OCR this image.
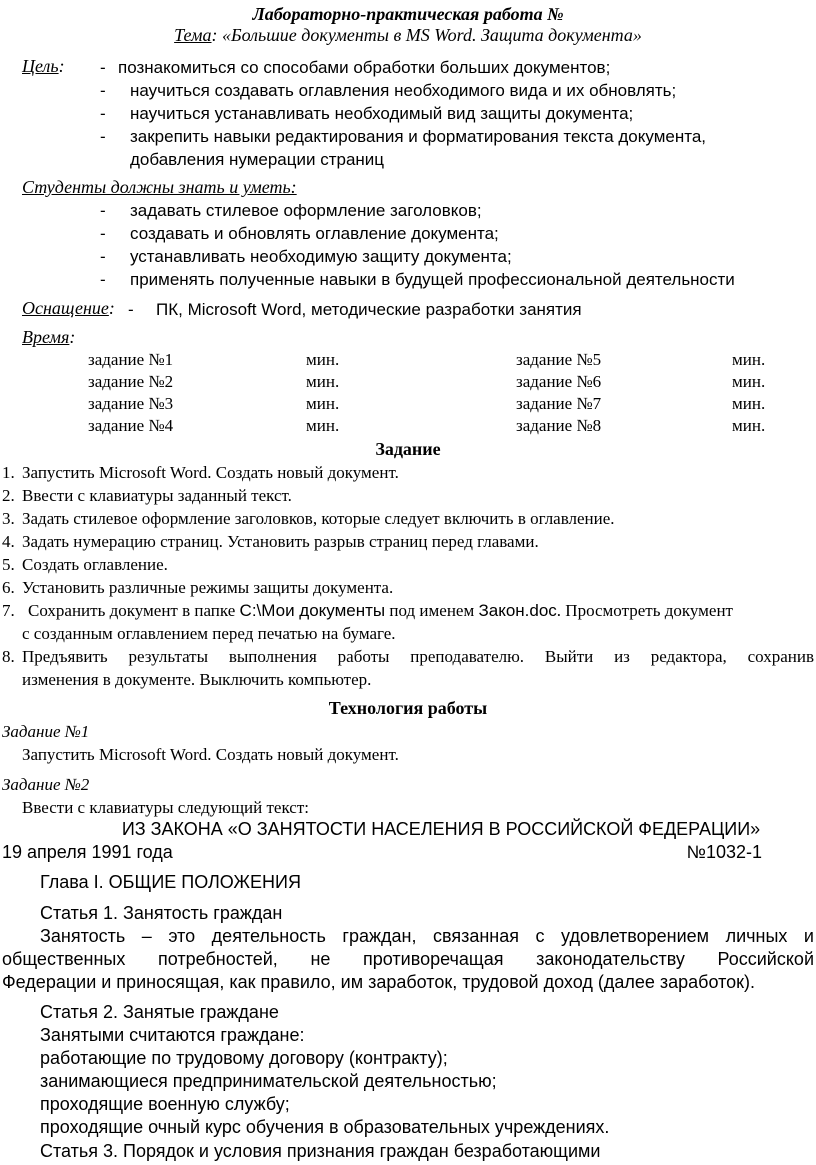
Лабораторно-практическая работа №
Тема: «Большие документы в MS Word. Защита документа»
Цель: - познакомиться со способами обработки больших документов;
- научиться создавать оглавления необходимого вида и их обновлять;
- научиться устанавливать необходимый вид защиты документа;
- закрепить навыки редактирования и форматирования текста документа,
добавления нумерации страниц
Студенты должны знать и уметь:
- задавать стилевое оформление заголовков;
- создавать и обновлять оглавление документа;
- устанавливать необходимую защиту документа;
- применять полученные навыки в будущей профессиональной деятельности
Оснащение: - ПК, Microsoft Word, методические разработки занятия
Время:
задание №1	мин.	задание №5	мин.
задание №2	мин.	задание №6	мин.
задание №3	мин.	задание №7	мин.
задание №4	мин.	задание №8	мин.
Задание
1. Запустить Microsoft Word. Создать новый документ.
2. Ввести с клавиатуры заданный текст.
3. Задать стилевое оформление заголовков, которые следует включить в оглавление.
4. Задать нумерацию страниц. Установить разрыв страниц перед главами.
5. Создать оглавление.
6. Установить различные режимы защиты документа.
7. Сохранить документ в папке С:\Мои документы под именем Закон.doc. Просмотреть документ
с созданным оглавлением перед печатью на бумаге.
8. Предъявить результаты выполнения работы преподавателю. Выйти из редактора, сохранив
изменения в документе. Выключить компьютер.
Технология работы
Задание №1
Запустить Microsoft Word. Создать новый документ.
Задание №2
Ввести с клавиатуры следующий текст:
ИЗ ЗАКОНА «О ЗАНЯТОСТИ НАСЕЛЕНИЯ В РОССИЙСКОЙ ФЕДЕРАЦИИ»
19 апреля 1991 года	№1032-1
Глава I. ОБЩИЕ ПОЛОЖЕНИЯ
Статья 1. Занятость граждан
Занятость – это деятельность граждан, связанная с удовлетворением личных и
общественных потребностей, не противоречащая законодательству Российской
Федерации и приносящая, как правило, им заработок, трудовой доход (далее заработок).
Статья 2. Занятые граждане
Занятыми считаются граждане:
работающие по трудовому договору (контракту);
занимающиеся предпринимательской деятельностью;
проходящие военную службу;
проходящие очный курс обучения в образовательных учреждениях.
Статья 3. Порядок и условия признания граждан безработающими
